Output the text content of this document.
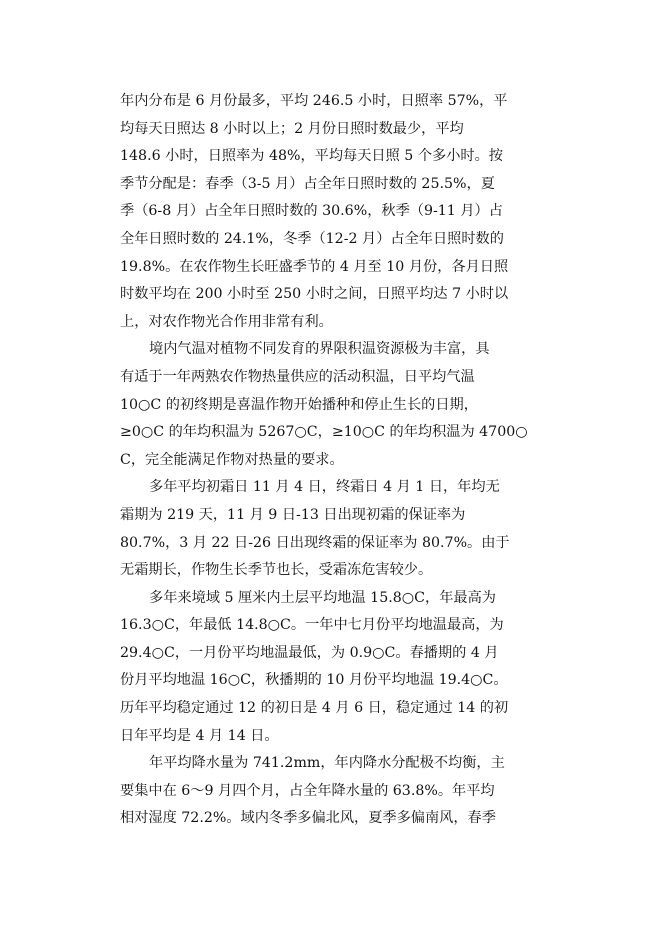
年内分布是 6 月份最多，平均 246.5 小时，日照率 57%，平
均每天日照达 8 小时以上；2 月份日照时数最少，平均
148.6 小时，日照率为 48%，平均每天日照 5 个多小时。按
季节分配是：春季（3-5 月）占全年日照时数的 25.5%，夏
季（6-8 月）占全年日照时数的 30.6%，秋季（9-11 月）占
全年日照时数的 24.1%，冬季（12-2 月）占全年日照时数的
19.8%。在农作物生长旺盛季节的 4 月至 10 月份，各月日照
时数平均在 200 小时至 250 小时之间，日照平均达 7 小时以
上，对农作物光合作用非常有利。
境内气温对植物不同发育的界限积温资源极为丰富，具
有适于一年两熟农作物热量供应的活动积温，日平均气温
10○C 的初终期是喜温作物开始播种和停止生长的日期，
≥0○C 的年均积温为 5267○C，≥10○C 的年均积温为 4700○
C，完全能满足作物对热量的要求。
多年平均初霜日 11 月 4 日，终霜日 4 月 1 日，年均无
霜期为 219 天，11 月 9 日-13 日出现初霜的保证率为
80.7%，3 月 22 日-26 日出现终霜的保证率为 80.7%。由于
无霜期长，作物生长季节也长，受霜冻危害较少。
多年来境域 5 厘米内土层平均地温 15.8○C，年最高为
16.3○C，年最低 14.8○C。一年中七月份平均地温最高，为
29.4○C，一月份平均地温最低，为 0.9○C。春播期的 4 月
份月平均地温 16○C，秋播期的 10 月份平均地温 19.4○C。
历年平均稳定通过 12 的初日是 4 月 6 日，稳定通过 14 的初
日年平均是 4 月 14 日。
年平均降水量为 741.2mm，年内降水分配极不均衡，主
要集中在 6～9 月四个月，占全年降水量的 63.8%。年平均
相对湿度 72.2%。域内冬季多偏北风，夏季多偏南风，春季
